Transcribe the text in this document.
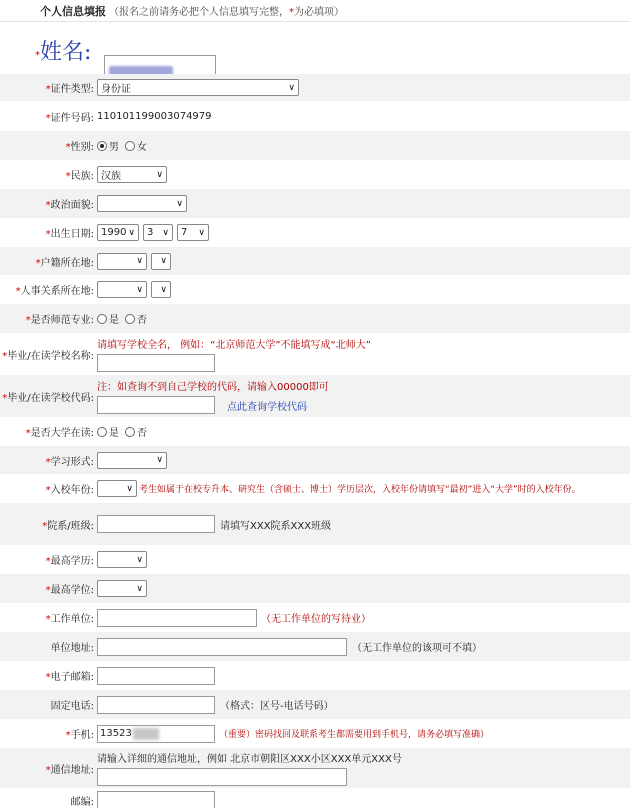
个人信息填报 （报名之前请务必把个人信息填写完整，*为必填项）
* 姓名:
*证件类型: 身份证	∨
*证件号码: 110101199003074979
*性别:	男 女
*民族: 汉族	∨
*政治面貌:	∨
*出生日期: 1990 ∨ 3 ∨ 7 ∨
*户籍所在地:	∨ ∨
*人事关系所在地:	∨ ∨
*是否师范专业:	是 否
*毕业/在读学校名称:
请填写学校全名， 例如：“北京师范大学”不能填写成“北师大”
*毕业/在读学校代码:
注：如查询不到自己学校的代码，请输入00000即可
点此查询学校代码
*是否大学在读:	是 否
*学习形式:	∨
*入校年份:	∨ 考生如属于在校专升本、研究生（含硕士、博士）学历层次，入校年份请填写“最初”进入“大学”时的入校年份。
*院系/班级:	请填写XXX院系XXX班级
*最高学历:	∨
*最高学位:	∨
*工作单位:	（无工作单位的写待业）
单位地址:	（无工作单位的该项可不填）
*电子邮箱:
固定电话:	（格式：区号-电话号码）
*手机: 13523	（重要）密码找回及联系考生都需要用到手机号，请务必填写准确）
*通信地址:
请输入详细的通信地址，例如 北京市朝阳区XXX小区XXX单元XXX号
邮编:
